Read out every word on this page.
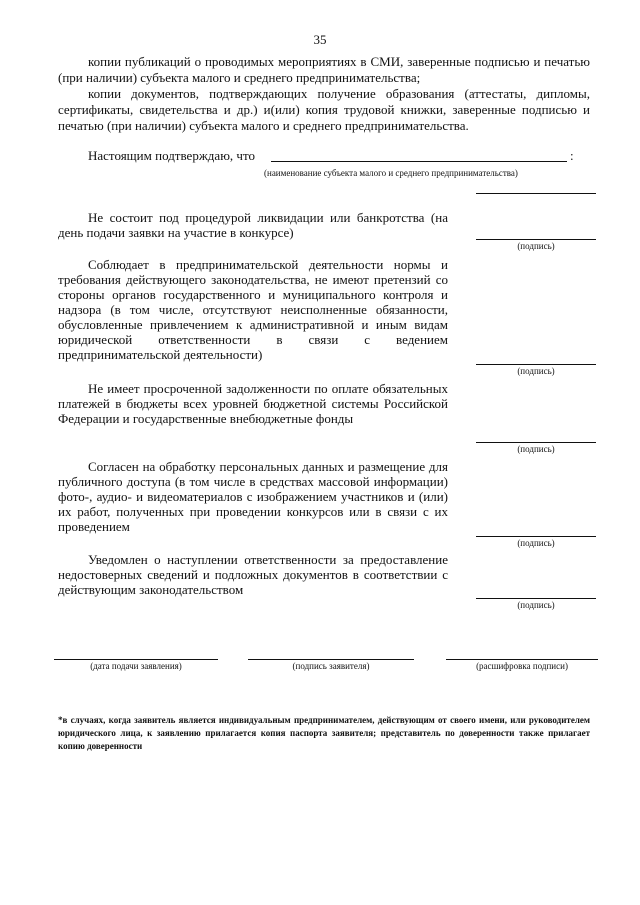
35

копии публикаций о проводимых мероприятиях в СМИ, заверенные подписью и печатью (при наличии) субъекта малого и среднего предпринимательства;

копии документов, подтверждающих получение образования (аттестаты, дипломы, сертификаты, свидетельства и др.) и(или) копия трудовой книжки, заверенные подписью и печатью (при наличии) субъекта малого и среднего предпринимательства.

Настоящим подтверждаю, что	:
(наименование субъекта малого и среднего предпринимательства)

Не состоит под процедурой ликвидации или банкротства (на день подачи заявки на участие в конкурсе)

(подпись)

Соблюдает в предпринимательской деятельности нормы и требования действующего законодательства, не имеют претензий со стороны органов государственного и муниципального контроля и надзора (в том числе, отсутствуют неисполненные обязанности, обусловленные привлечением к административной и иным видам юридической ответственности в связи с ведением предпринимательской деятельности)

(подпись)

Не имеет просроченной задолженности по оплате обязательных платежей в бюджеты всех уровней бюджетной системы Российской Федерации и государственные внебюджетные фонды

(подпись)

Согласен на обработку персональных данных и размещение для публичного доступа (в том числе в средствах массовой информации) фото-, аудио- и видеоматериалов с изображением участников и (или) их работ, полученных при проведении конкурсов или в связи с их проведением

(подпись)

Уведомлен о наступлении ответственности за предоставление недостоверных сведений и подложных документов в соответствии с действующим законодательством

(подпись)
(дата подачи заявления)	(подпись заявителя)	(расшифровка подписи)
*в случаях, когда заявитель является индивидуальным предпринимателем, действующим от своего имени, или руководителем юридического лица, к заявлению прилагается копия паспорта заявителя; представитель по доверенности также прилагает копию доверенности
